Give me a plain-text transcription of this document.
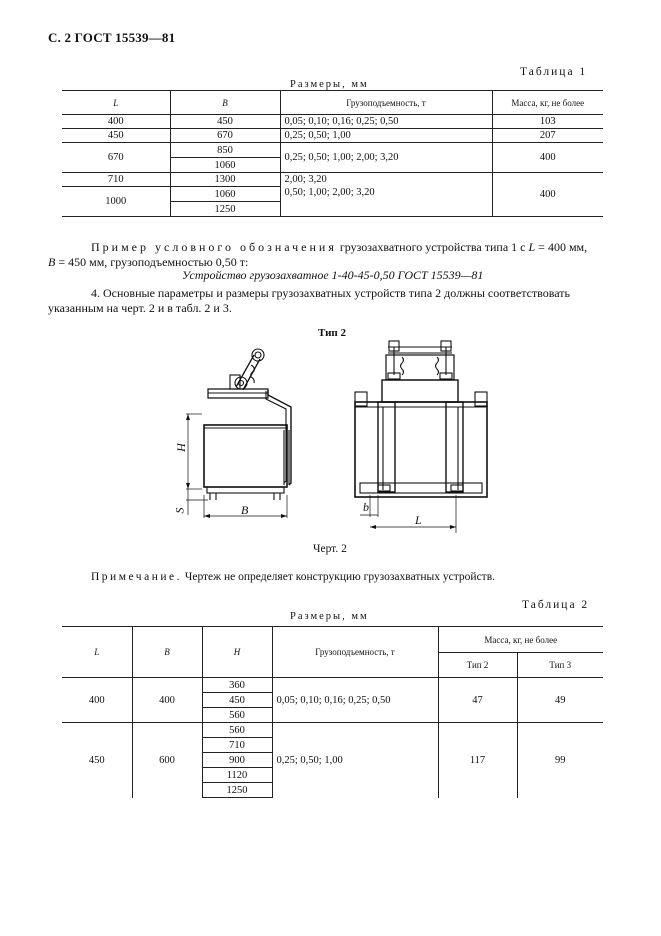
С. 2 ГОСТ 15539—81
Таблица 1
Размеры, мм
L	B	Грузоподъемность, т	Масса, кг, не более
400	450	0,05; 0,10; 0,16; 0,25; 0,50	103
450	670	0,25; 0,50; 1,00	207
670	850	0,25; 0,50; 1,00; 2,00; 3,20	400
	1060		
710	1300	2,00; 3,20	400
1000	1060	0,50; 1,00; 2,00; 3,20	
	1250		
Пример условного обозначения грузозахватного устройства типа 1 с L = 400 мм,
B = 450 мм, грузоподъемностью 0,50 т:
Устройство грузозахватное 1-40-45-0,50 ГОСТ 15539—81
4. Основные параметры и размеры грузозахватных устройств типа 2 должны соответствовать
указанным на черт. 2 и в табл. 2 и 3.
Тип 2
H
S	B	b
L
Черт. 2
Примечание. Чертеж не определяет конструкцию грузозахватных устройств.
Таблица 2
Размеры, мм
L	B	H	Грузоподъемность, т	Масса, кг, не более	
				Тип 2	Тип 3
400	400	360	0,05; 0,10; 0,16; 0,25; 0,50	47	49
		450			
		560			
450	600	560	0,25; 0,50; 1,00	117	99
		710			
		900			
		1120			
		1250			
